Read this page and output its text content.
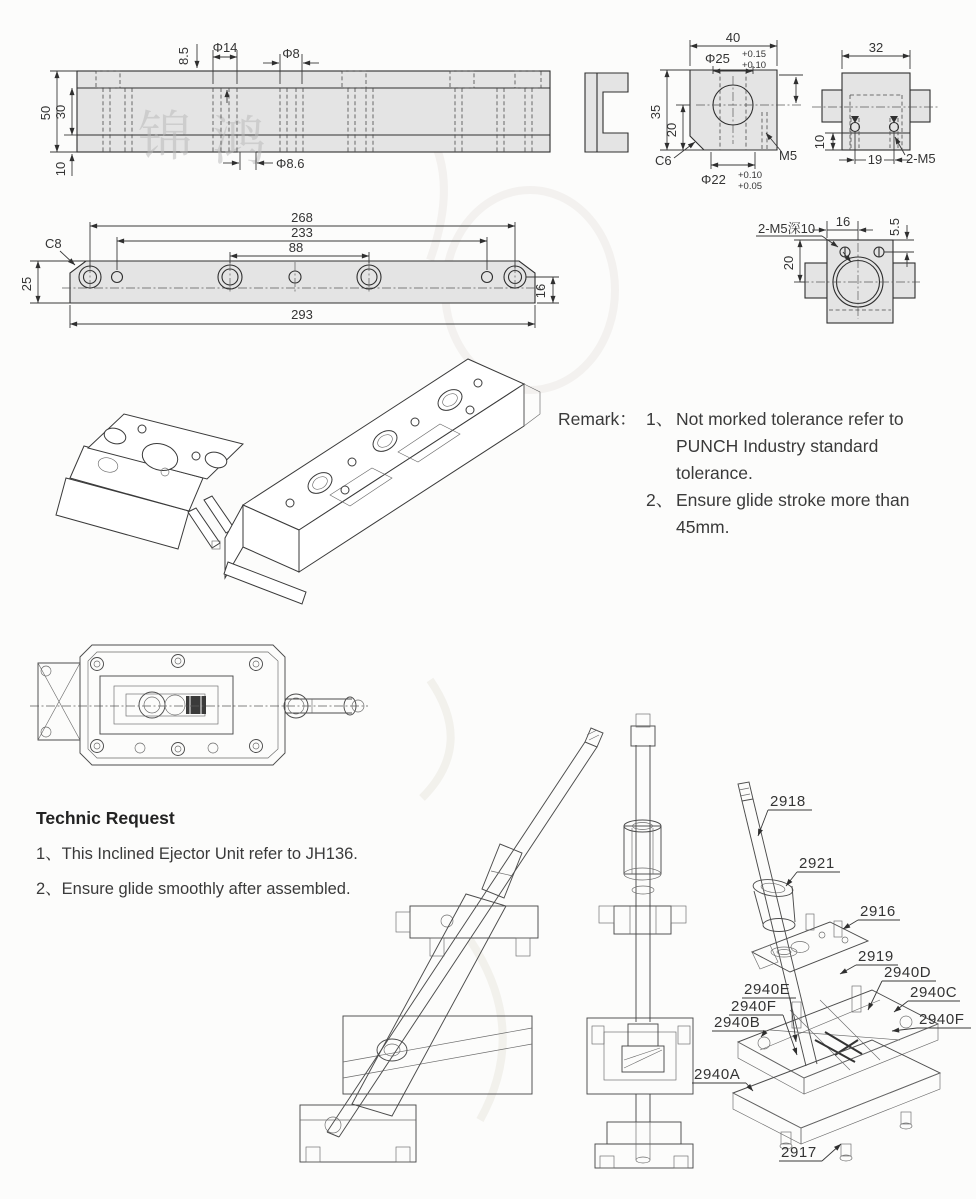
锦 鸿
8.5 Φ14	Φ8
50 30
10	Φ8.6
40
Φ25 +0.15
+0.10
35
20
C6	M5
Φ22 +0.10
+0.05
32
10
19 2-M5
268
233
88
C8
25	16
293
2-M5深10 16	5.5
20
2918
2921
2916
2919
2940D
2940C
2940E
2940F
2940B	2940F
2940A
2917
Remark： 1、 Not morked tolerance refer to
PUNCH Industry standard
tolerance.
2、 Ensure glide stroke more than
45mm.
Technic Request
1、This Inclined Ejector Unit refer to JH136.
2、Ensure glide smoothly after assembled.
